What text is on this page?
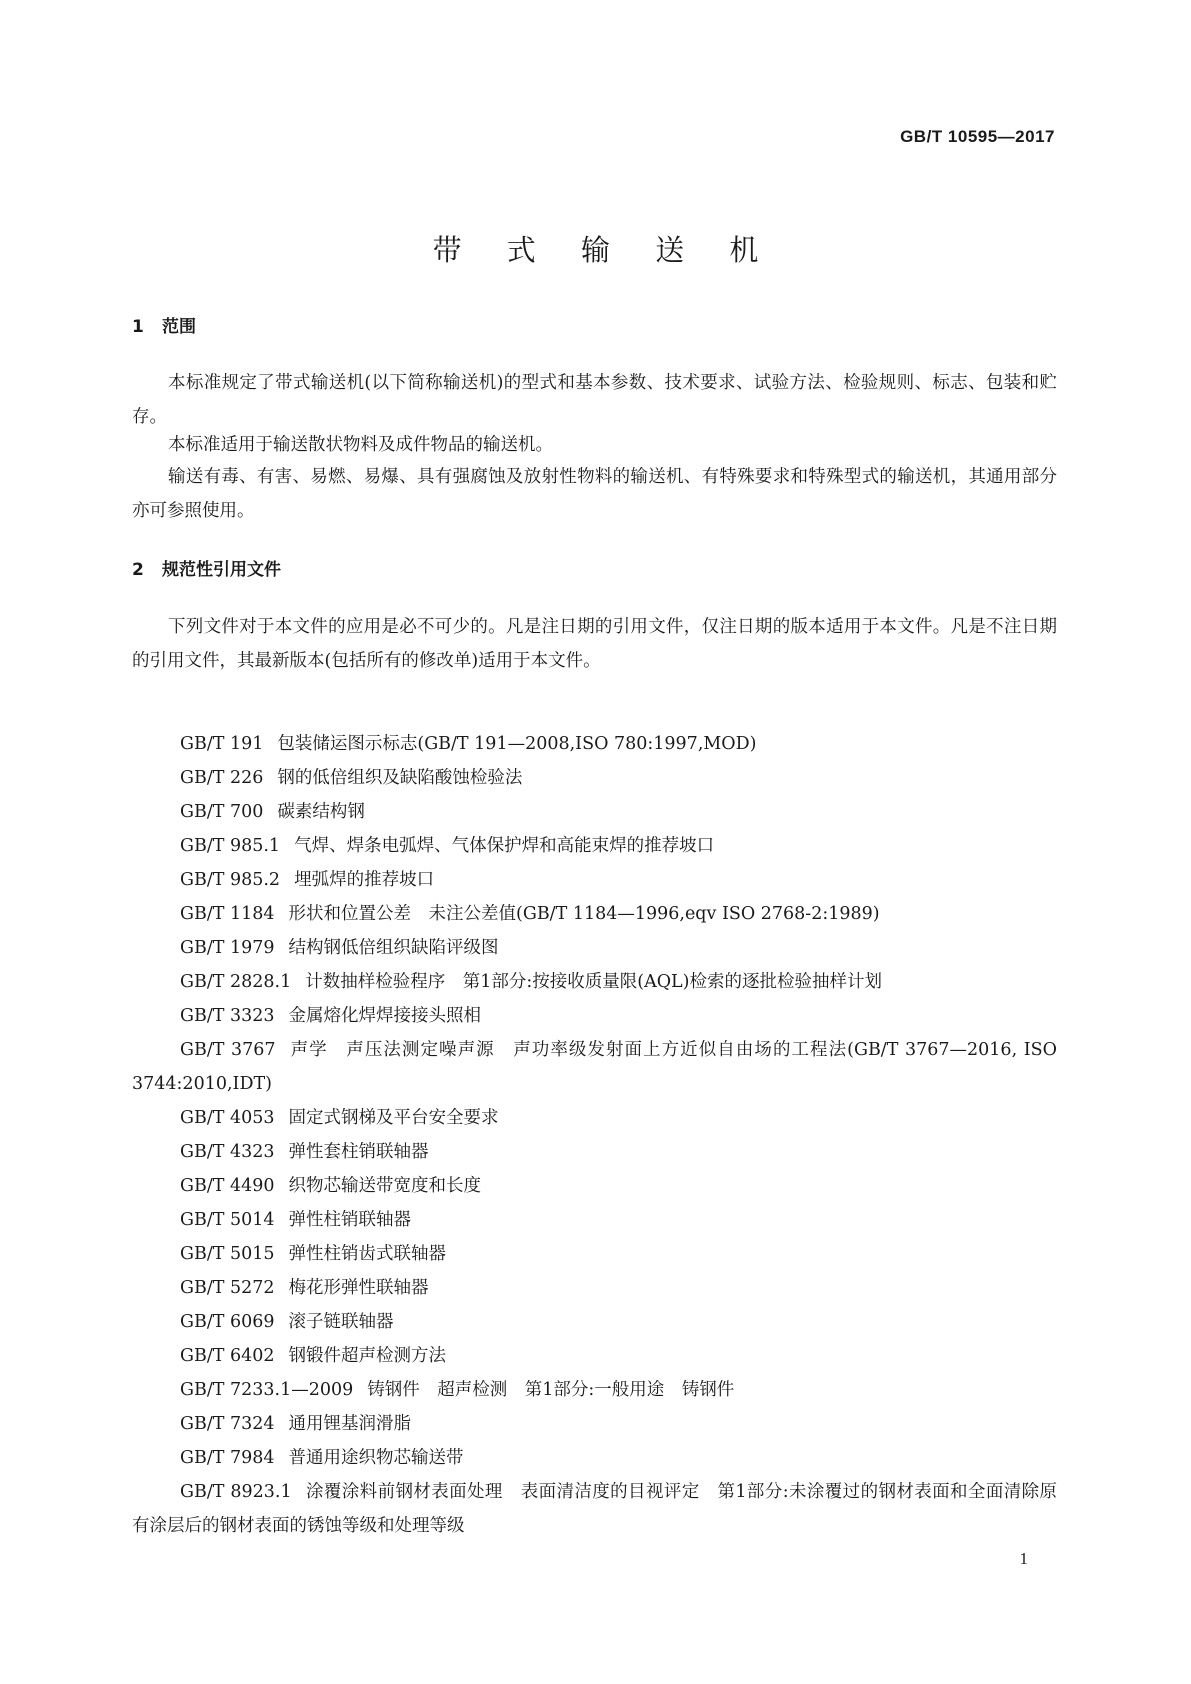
GB/T 10595—2017
带 式 输 送 机
1 范围

本标准规定了带式输送机(以下简称输送机)的型式和基本参数、技术要求、试验方法、检验规则、标志、包装和贮存。

本标准适用于输送散状物料及成件物品的输送机。

输送有毒、有害、易燃、易爆、具有强腐蚀及放射性物料的输送机、有特殊要求和特殊型式的输送机，其通用部分亦可参照使用。

2 规范性引用文件

下列文件对于本文件的应用是必不可少的。凡是注日期的引用文件，仅注日期的版本适用于本文件。凡是不注日期的引用文件，其最新版本(包括所有的修改单)适用于本文件。

GB/T 191 包装储运图示标志(GB/T 191—2008,ISO 780:1997,MOD)
GB/T 226 钢的低倍组织及缺陷酸蚀检验法
GB/T 700 碳素结构钢
GB/T 985.1 气焊、焊条电弧焊、气体保护焊和高能束焊的推荐坡口
GB/T 985.2 埋弧焊的推荐坡口
GB/T 1184 形状和位置公差　未注公差值(GB/T 1184—1996,eqv ISO 2768-2:1989)
GB/T 1979 结构钢低倍组织缺陷评级图
GB/T 2828.1 计数抽样检验程序　第1部分:按接收质量限(AQL)检索的逐批检验抽样计划
GB/T 3323 金属熔化焊焊接接头照相
GB/T 3767 声学　声压法测定噪声源　声功率级发射面上方近似自由场的工程法(GB/T 3767—2016, ISO 3744:2010,IDT)
GB/T 4053 固定式钢梯及平台安全要求
GB/T 4323 弹性套柱销联轴器
GB/T 4490 织物芯输送带宽度和长度
GB/T 5014 弹性柱销联轴器
GB/T 5015 弹性柱销齿式联轴器
GB/T 5272 梅花形弹性联轴器
GB/T 6069 滚子链联轴器
GB/T 6402 钢锻件超声检测方法
GB/T 7233.1—2009 铸钢件　超声检测　第1部分:一般用途　铸钢件
GB/T 7324 通用锂基润滑脂
GB/T 7984 普通用途织物芯输送带
GB/T 8923.1 涂覆涂料前钢材表面处理　表面清洁度的目视评定　第1部分:未涂覆过的钢材表面和全面清除原有涂层后的钢材表面的锈蚀等级和处理等级
1
